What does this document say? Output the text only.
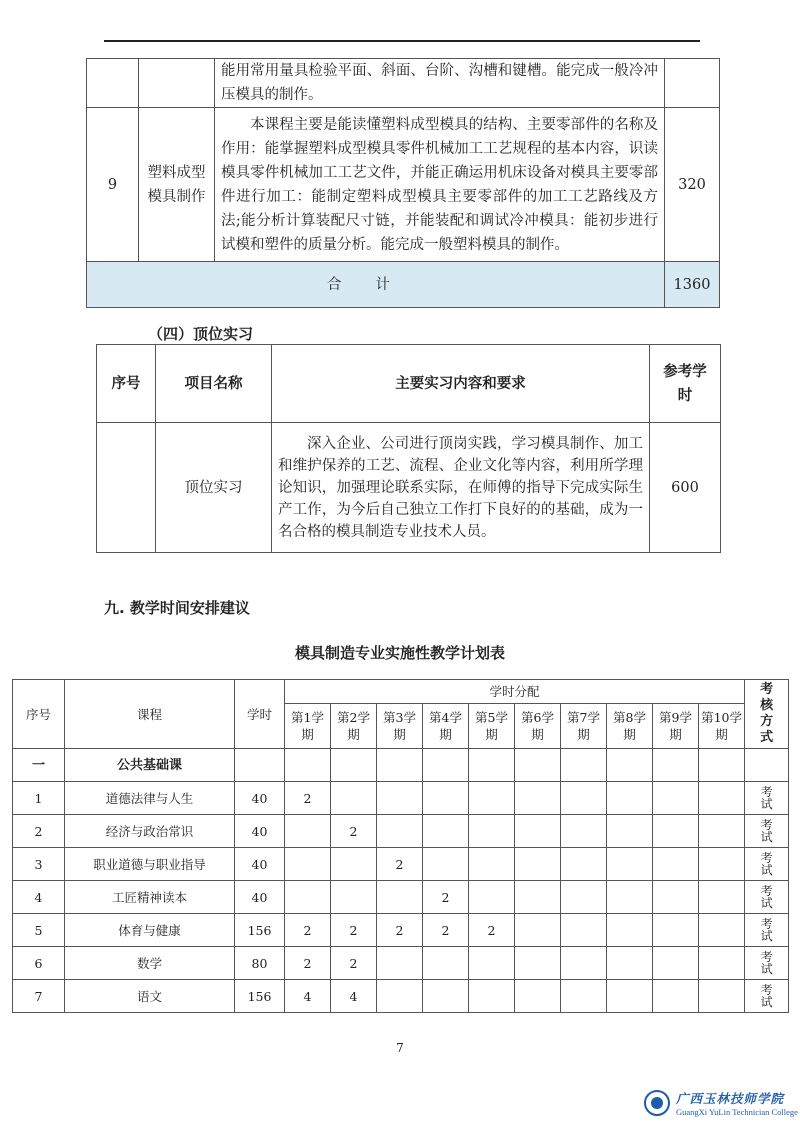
		能用常用量具检验平面、斜面、台阶、沟槽和键槽。能完成一般冷冲压模具的制作。	
9	塑料成型模具制作	本课程主要是能读懂塑料成型模具的结构、主要零部件的名称及作用：能掌握塑料成型模具零件机械加工工艺规程的基本内容，识读模具零件机械加工工艺文件，并能正确运用机床设备对模具主要零部件进行加工：能制定塑料成型模具主要零部件的加工工艺路线及方法;能分析计算装配尺寸链，并能装配和调试冷冲模具：能初步进行试模和塑件的质量分析。能完成一般塑料模具的制作。	320
合计			1360
（四）顶位实习
序号	项目名称	主要实习内容和要求	参考学时
	顶位实习	深入企业、公司进行顶岗实践，学习模具制作、加工和维护保养的工艺、流程、企业文化等内容，利用所学理论知识，加强理论联系实际，在师傅的指导下完成实际生产工作，为今后自己独立工作打下良好的的基础，成为一名合格的模具制造专业技术人员。	600
九. 教学时间安排建议
模具制造专业实施性教学计划表
序号	课程	学时	学时分配										考核方式
			第1学期	第2学期	第3学期	第4学期	第5学期	第6学期	第7学期	第8学期	第9学期	第10学期	
一	公共基础课												
1	道德法律与人生	40	2										考试
2	经济与政治常识	40		2									考试
3	职业道德与职业指导	40			2								考试
4	工匠精神读本	40				2							考试
5	体育与健康	156	2	2	2	2	2						考试
6	数学	80	2	2									考试
7	语文	156	4	4									考试
7
广西玉林技师学院
GuangXi YuLin Technician College
